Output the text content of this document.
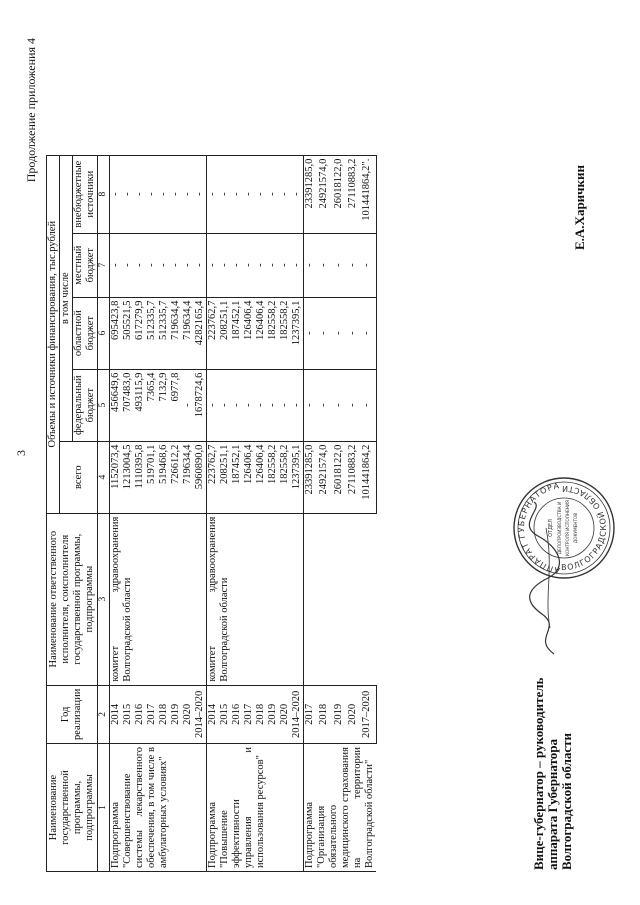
3
Продолжение приложения 4
Наименование государственной программы, подпрограммы	Год реализации	Наименование ответственного исполнителя, соисполнителя государственной программы, подпрограммы	Объемы и источники финансирования, тыс.рублей				
			всего	в том числе			
				федеральный бюджет	областной бюджет	местный бюджет	внебюджетные источники
1	2	3	4	5	6	7	8
Подпрограмма "Совершенствование системы лекарственного обеспечения, в том числе в амбулаторных условиях"	2014	комитет здравоохранения Волгоградской области	1152073,4	456649,6	695423,8	-	-
	2015		1213004,5	707483,0	505521,5	-	-
	2016		1110395,8	493115,9	617279,9	-	-
	2017		519701,1	7365,4	512335,7	-	-
	2018		519468,6	7132,9	512335,7	-	-
	2019		726612,2	6977,8	719634,4	-	-
	2020		719634,4	-	719634,4	-	-
	2014–2020		5960890,0	1678724,6	4282165,4	-	-
Подпрограмма "Повышение эффективности управления и использования ресурсов"	2014	комитет здравоохранения Волгоградской области	223762,7	-	223762,7	-	-
	2015		208251,1	-	208251,1	-	-
	2016		187452,1	-	187452,1	-	-
	2017		126406,4	-	126406,4	-	-
	2018		126406,4	-	126406,4	-	-
	2019		182558,2	-	182558,2	-	-
	2020		182558,2	-	182558,2	-	-
	2014–2020		1237395,1	-	1237395,1	-	-
Подпрограмма "Организация обязательного медицинского страхования на территории Волгоградской области"	2017		23391285,0	-	-	-	23391285,0
	2018		24921574,0	-	-	-	24921574,0
	2019		26018122,0	-	-	-	26018122,0
	2020		27110883,2	-	-	-	27110883,2
	2017–2020		101441864,2	-	-	-	101441864,2".
АППАРАТ ГУБЕРНАТОРА
ВОЛГОГРАДСКОЙ ОБЛАСТИ
ОТДЕЛ ДЕЛОПРОИЗВОДСТВА И КОНТРОЛЯ ИСПОЛНЕНИЯ ДОКУМЕНТОВ
Вице-губернатор – руководитель аппарата Губернатора Волгоградской области
Е.А.Харичкин
